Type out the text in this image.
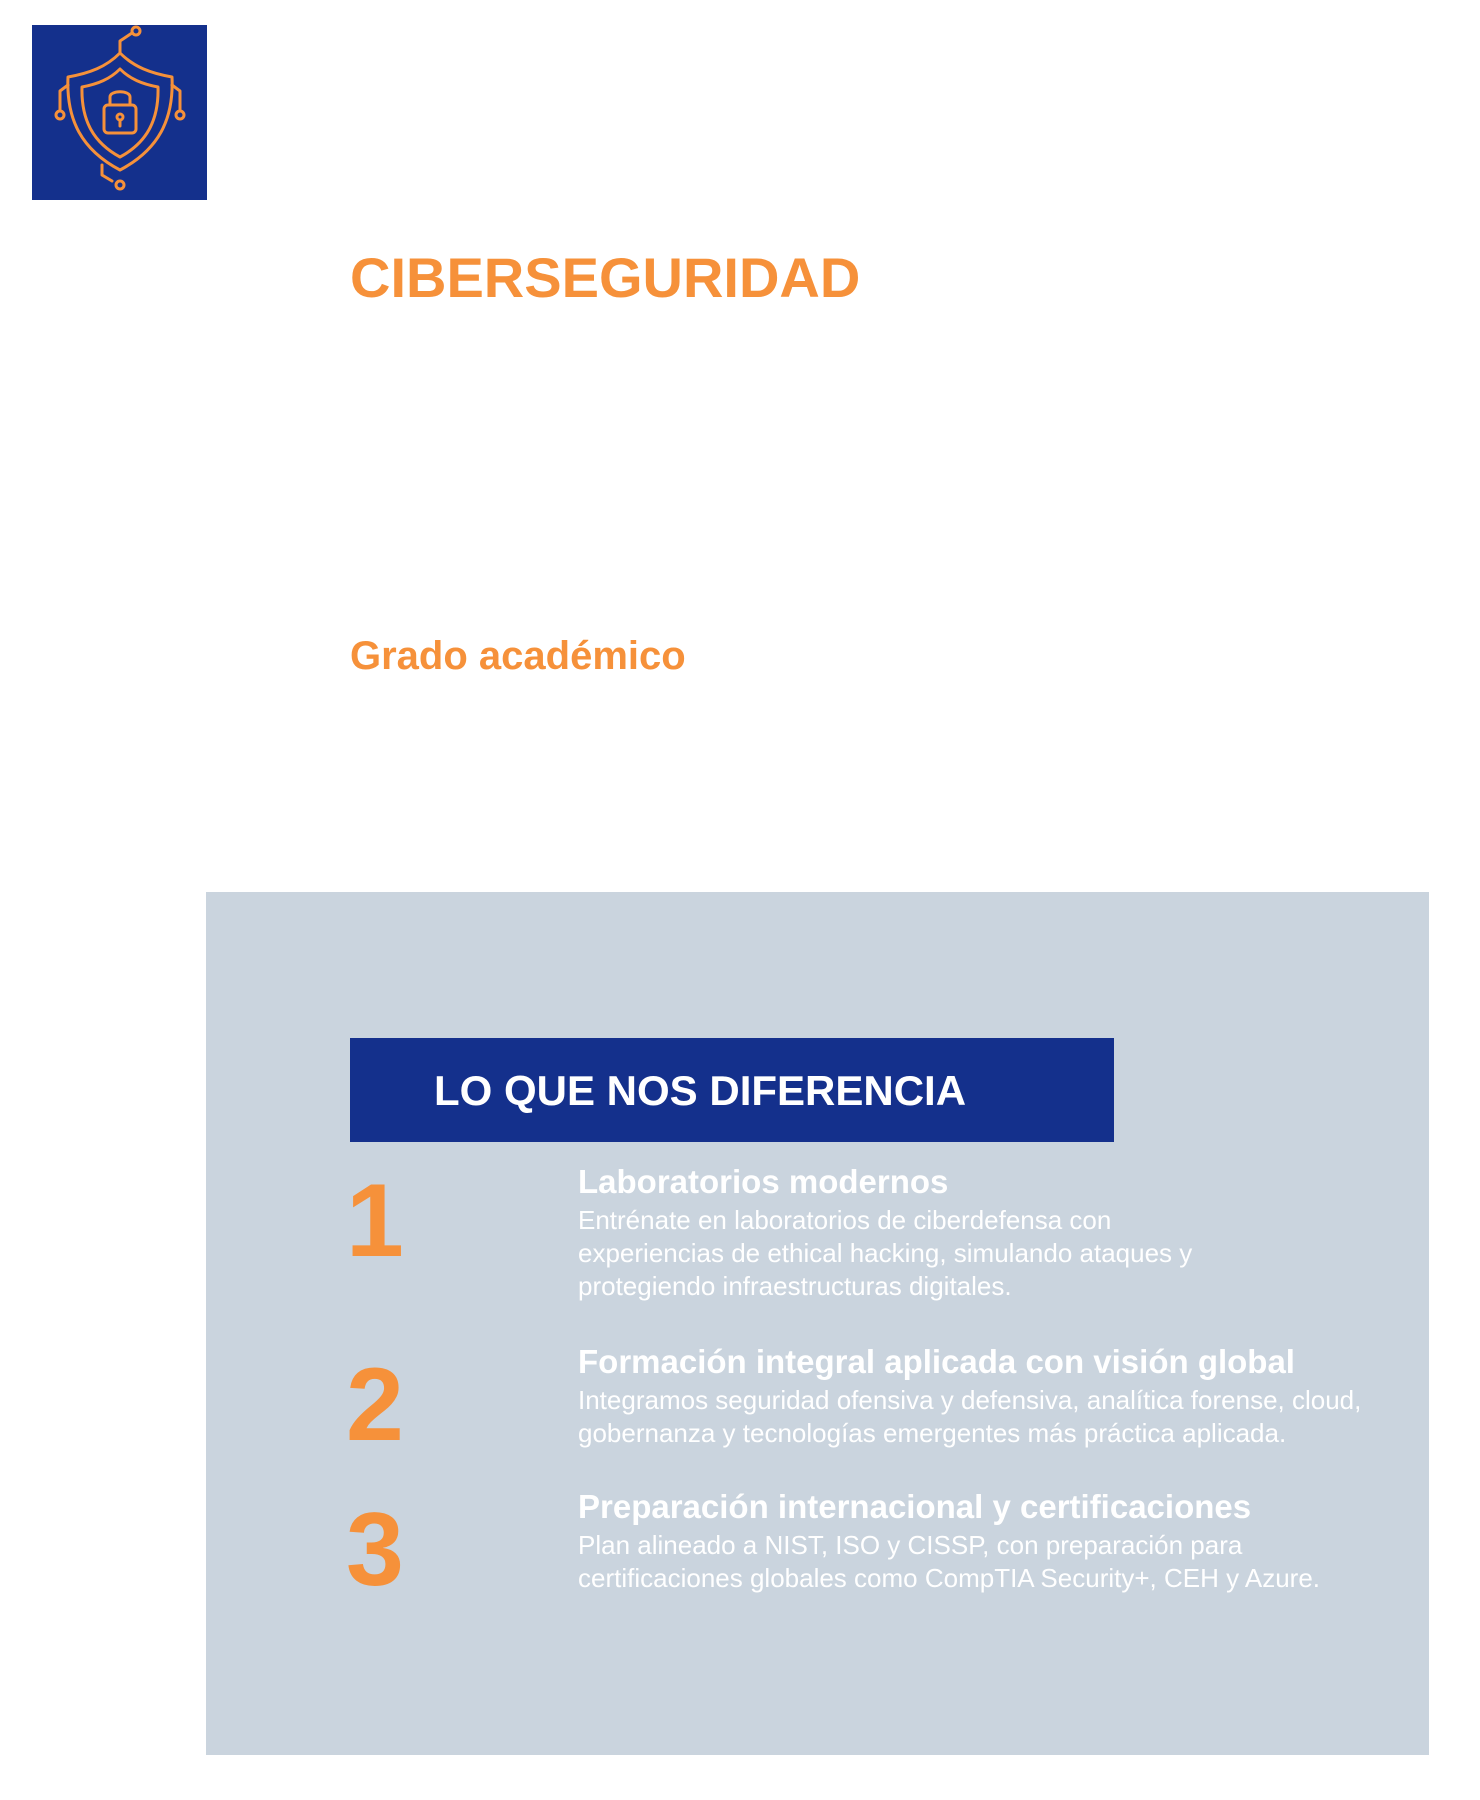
CIBERSEGURIDAD
Grado académico
LO QUE NOS DIFERENCIA
1	Laboratorios modernos

Entrénate en laboratorios de ciberdefensa con
experiencias de ethical hacking, simulando ataques y
protegiendo infraestructuras digitales.

2	Formación integral aplicada con visión global

Integramos seguridad ofensiva y defensiva, analítica forense, cloud,
gobernanza y tecnologías emergentes más práctica aplicada.

3	Preparación internacional y certificaciones

Plan alineado a NIST, ISO y CISSP, con preparación para
certificaciones globales como CompTIA Security+, CEH y Azure.
